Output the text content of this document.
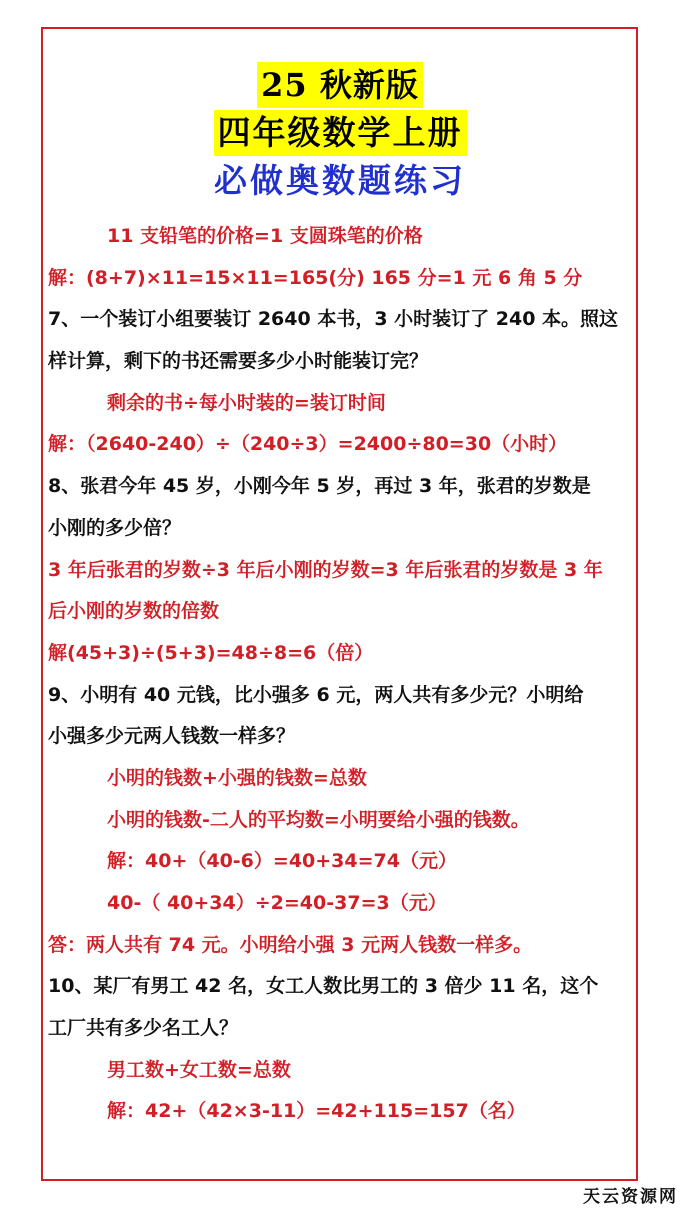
25 秋新版
四年级数学上册
必做奥数题练习
11 支铅笔的价格=1 支圆珠笔的价格
解：(8+7)×11=15×11=165(分) 165 分=1 元 6 角 5 分
7、一个装订小组要装订 2640 本书，3 小时装订了 240 本。照这
样计算，剩下的书还需要多少小时能装订完？
剩余的书÷每小时装的=装订时间
解：（2640-240）÷（240÷3）=2400÷80=30（小时）
8、张君今年 45 岁，小刚今年 5 岁，再过 3 年，张君的岁数是
小刚的多少倍？
3 年后张君的岁数÷3 年后小刚的岁数=3 年后张君的岁数是 3 年
后小刚的岁数的倍数
解(45+3)÷(5+3)=48÷8=6（倍）
9、小明有 40 元钱，比小强多 6 元，两人共有多少元？小明给
小强多少元两人钱数一样多？
小明的钱数+小强的钱数=总数
小明的钱数-二人的平均数=小明要给小强的钱数。
解：40+（40-6）=40+34=74（元）
40-（ 40+34）÷2=40-37=3（元）
答：两人共有 74 元。小明给小强 3 元两人钱数一样多。
10、某厂有男工 42 名，女工人数比男工的 3 倍少 11 名，这个
工厂共有多少名工人？
男工数+女工数=总数
解：42+（42×3-11）=42+115=157（名）
天云资源网
